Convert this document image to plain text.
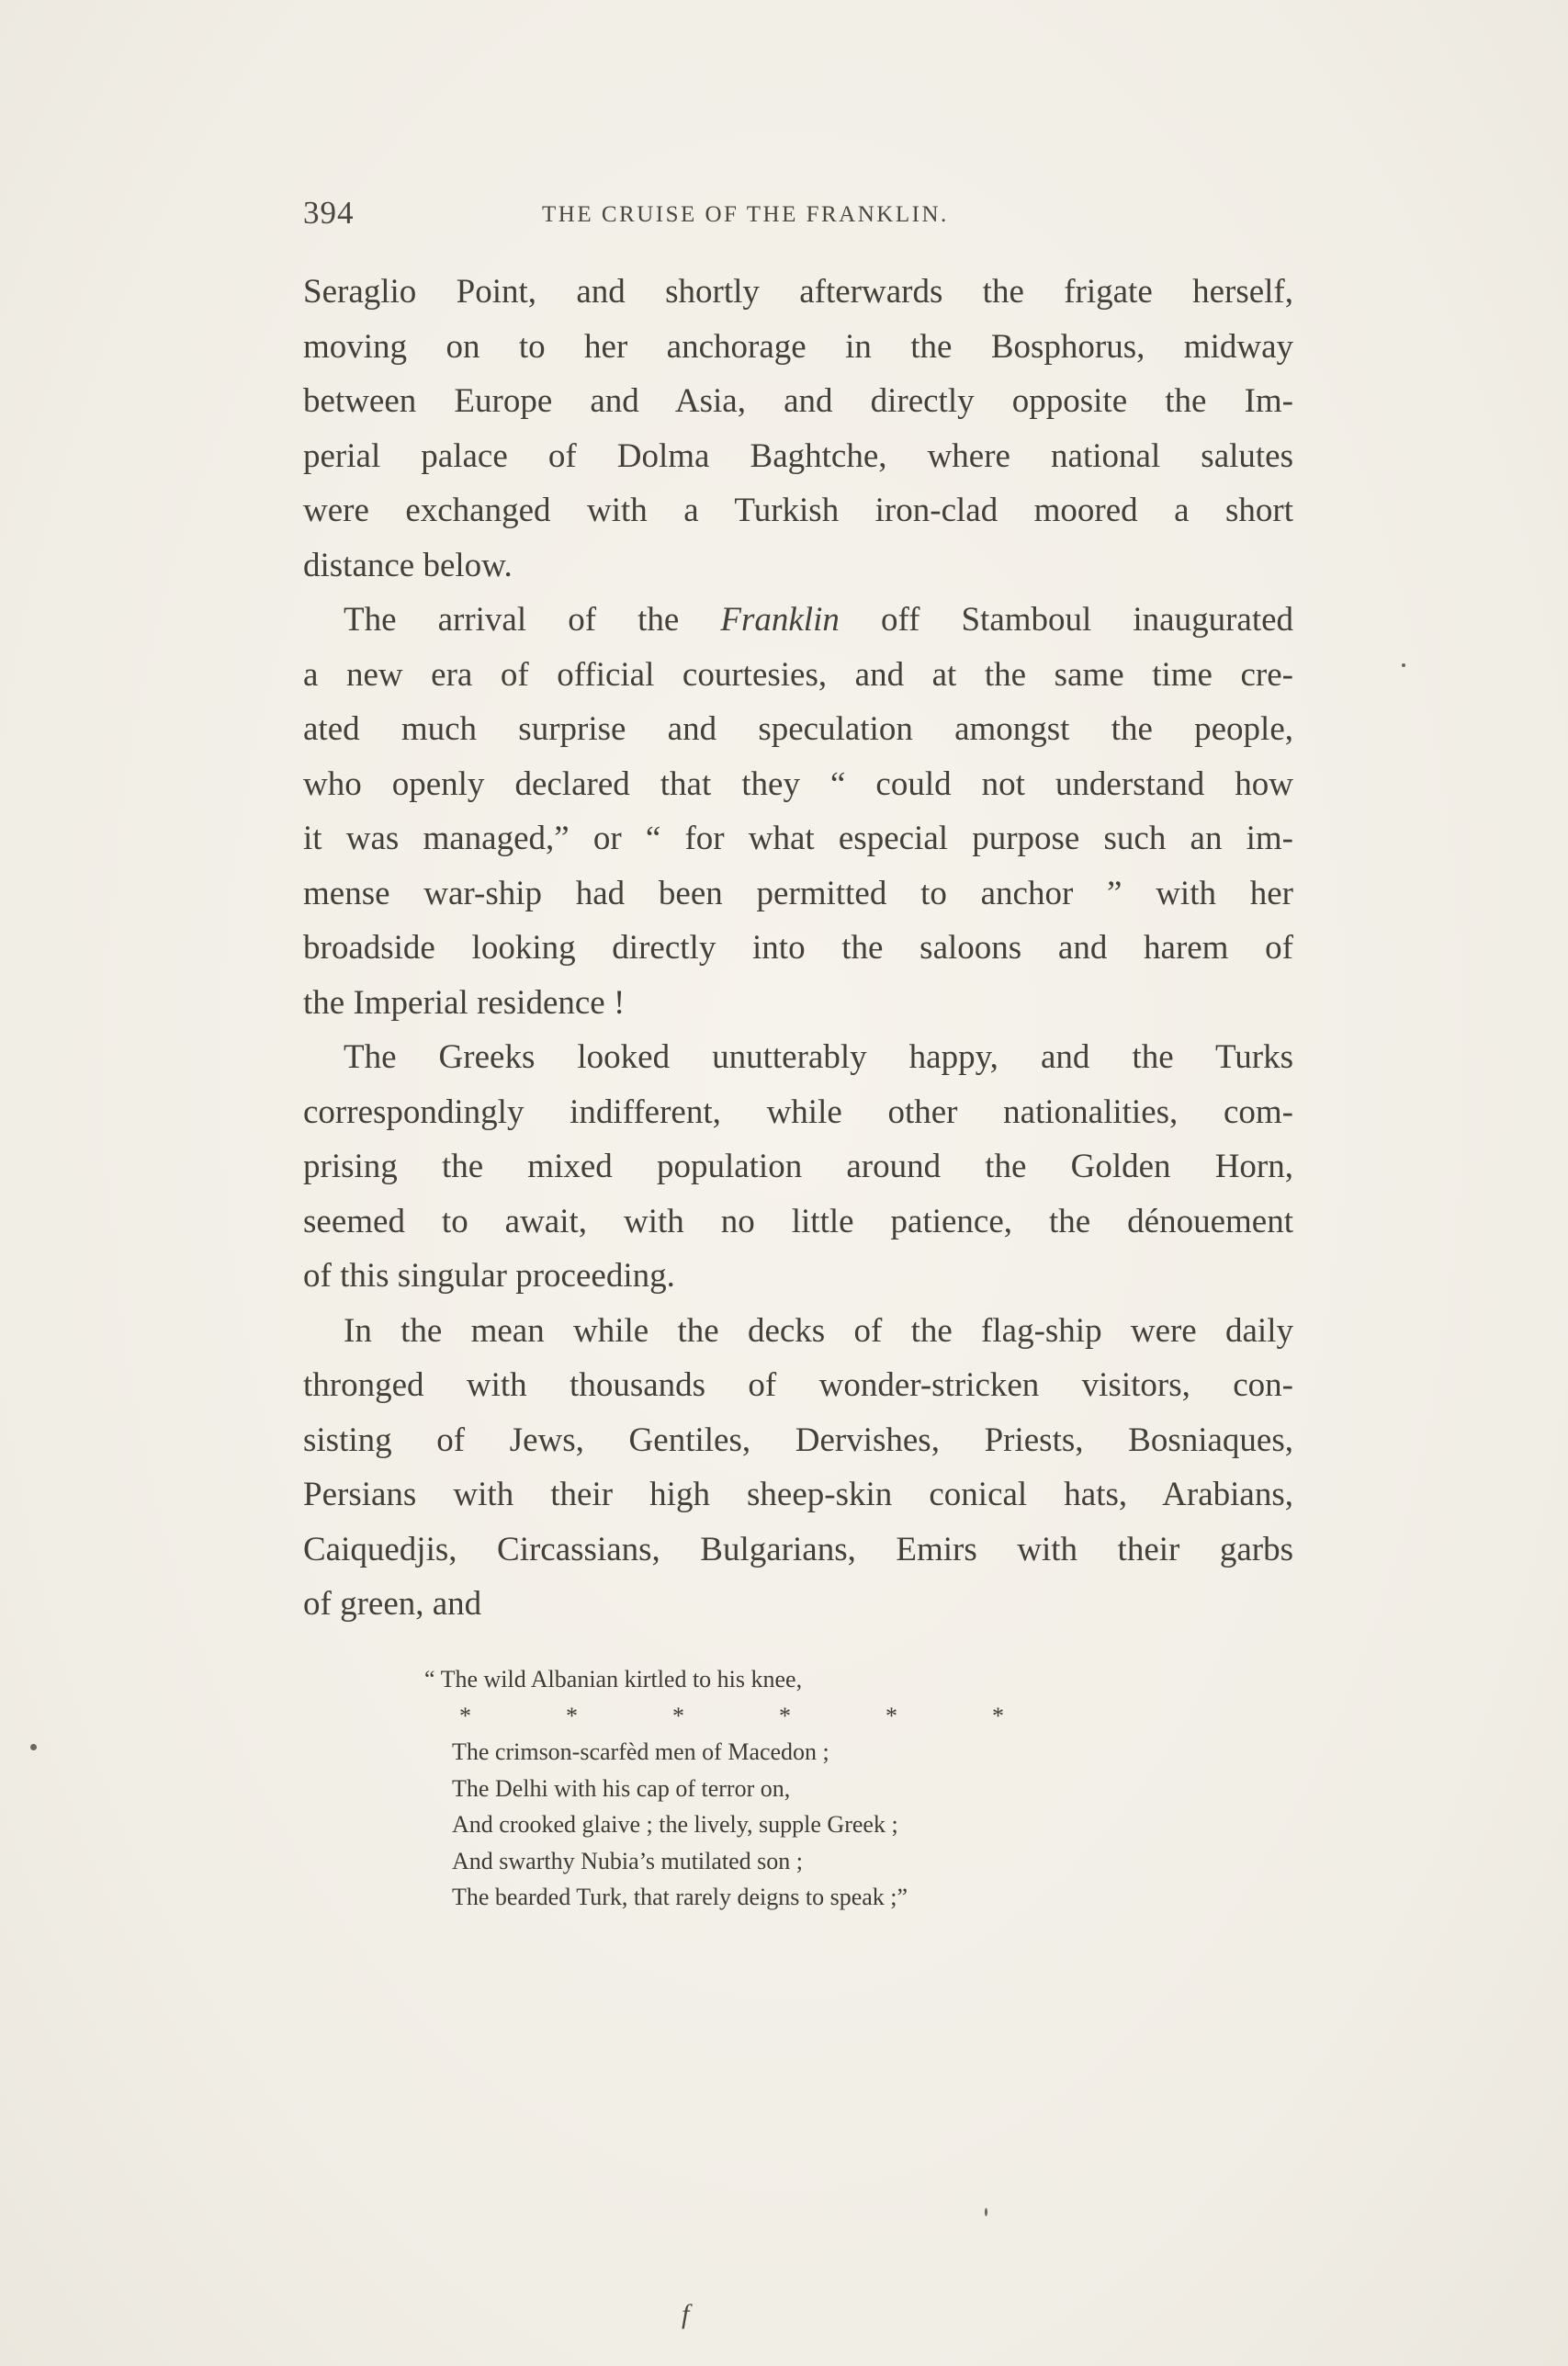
394	THE CRUISE OF THE FRANKLIN.
Seraglio Point, and shortly afterwards the frigate herself,
moving on to her anchorage in the Bosphorus, midway
between Europe and Asia, and directly opposite the Im-
perial palace of Dolma Baghtche, where national salutes
were exchanged with a Turkish iron-clad moored a short
distance below.
The arrival of the Franklin off Stamboul inaugurated
a new era of official courtesies, and at the same time cre-
ated much surprise and speculation amongst the people,
who openly declared that they “ could not understand how
it was managed,” or “ for what especial purpose such an im-
mense war-ship had been permitted to anchor ” with her
broadside looking directly into the saloons and harem of
the Imperial residence !
The Greeks looked unutterably happy, and the Turks
correspondingly indifferent, while other nationalities, com-
prising the mixed population around the Golden Horn,
seemed to await, with no little patience, the dénouement
of this singular proceeding.
In the mean while the decks of the flag-ship were daily
thronged with thousands of wonder-stricken visitors, con-
sisting of Jews, Gentiles, Dervishes, Priests, Bosniaques,
Persians with their high sheep-skin conical hats, Arabians,
Caiquedjis, Circassians, Bulgarians, Emirs with their garbs
of green, and
“ The wild Albanian kirtled to his knee,
*	*	*	*	*	*
The crimson-scarfèd men of Macedon ;
The Delhi with his cap of terror on,
And crooked glaive ; the lively, supple Greek ;
And swarthy Nubia’s mutilated son ;
The bearded Turk, that rarely deigns to speak ;”
f
